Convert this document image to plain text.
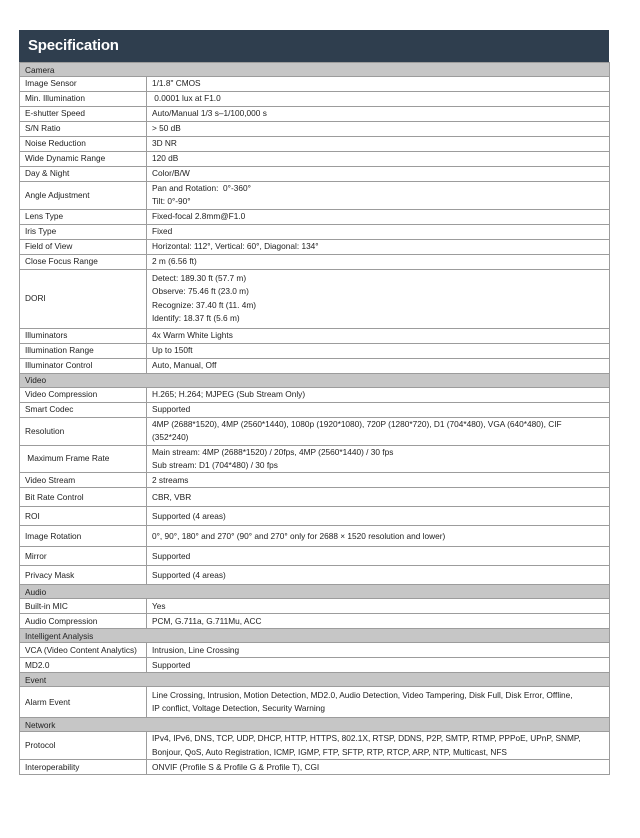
Specification
Camera	
Image Sensor	1/1.8" CMOS

Min. Illumination	0.0001 lux at F1.0

E-shutter Speed	Auto/Manual 1/3 s–1/100,000 s

S/N Ratio	> 50 dB

Noise Reduction	3D NR

Wide Dynamic Range	120 dB

Day & Night	Color/B/W

Angle Adjustment	Pan and Rotation:  0°-360°
Tilt: 0°-90°

Lens Type	Fixed-focal 2.8mm@F1.0

Iris Type	Fixed

Field of View	Horizontal: 112°, Vertical: 60°, Diagonal: 134°

Close Focus Range	2 m (6.56 ft)

DORI	Detect: 189.30 ft (57.7 m)
Observe: 75.46 ft (23.0 m)
Recognize: 37.40 ft (11. 4m)
Identify: 18.37 ft (5.6 m)

Illuminators	4x Warm White Lights

Illumination Range	Up to 150ft

Illuminator Control	Auto, Manual, Off

Video	
Video Compression	H.265; H.264; MJPEG (Sub Stream Only)

Smart Codec	Supported

Resolution	4MP (2688*1520), 4MP (2560*1440), 1080p (1920*1080), 720P (1280*720), D1 (704*480), VGA (640*480), CIF
(352*240)

Maximum Frame Rate	Main stream: 4MP (2688*1520) / 20fps, 4MP (2560*1440) / 30 fps
Sub stream: D1 (704*480) / 30 fps

Video Stream	2 streams

Bit Rate Control	CBR, VBR

ROI	Supported (4 areas)

Image Rotation	0°, 90°, 180° and 270° (90° and 270° only for 2688 × 1520 resolution and lower)

Mirror	Supported

Privacy Mask	Supported (4 areas)

Audio	
Built-in MIC	Yes

Audio Compression	PCM, G.711a, G.711Mu, ACC

Intelligent Analysis	
VCA (Video Content Analytics)	Intrusion, Line Crossing

MD2.0	Supported

Event	
Alarm Event	Line Crossing, Intrusion, Motion Detection, MD2.0, Audio Detection, Video Tampering, Disk Full, Disk Error, Offline,
IP conflict, Voltage Detection, Security Warning

Network	
Protocol	IPv4, IPv6, DNS, TCP, UDP, DHCP, HTTP, HTTPS, 802.1X, RTSP, DDNS, P2P, SMTP, RTMP, PPPoE, UPnP, SNMP,
Bonjour, QoS, Auto Registration, ICMP, IGMP, FTP, SFTP, RTP, RTCP, ARP, NTP, Multicast, NFS

Interoperability	ONVIF (Profile S & Profile G & Profile T), CGI
